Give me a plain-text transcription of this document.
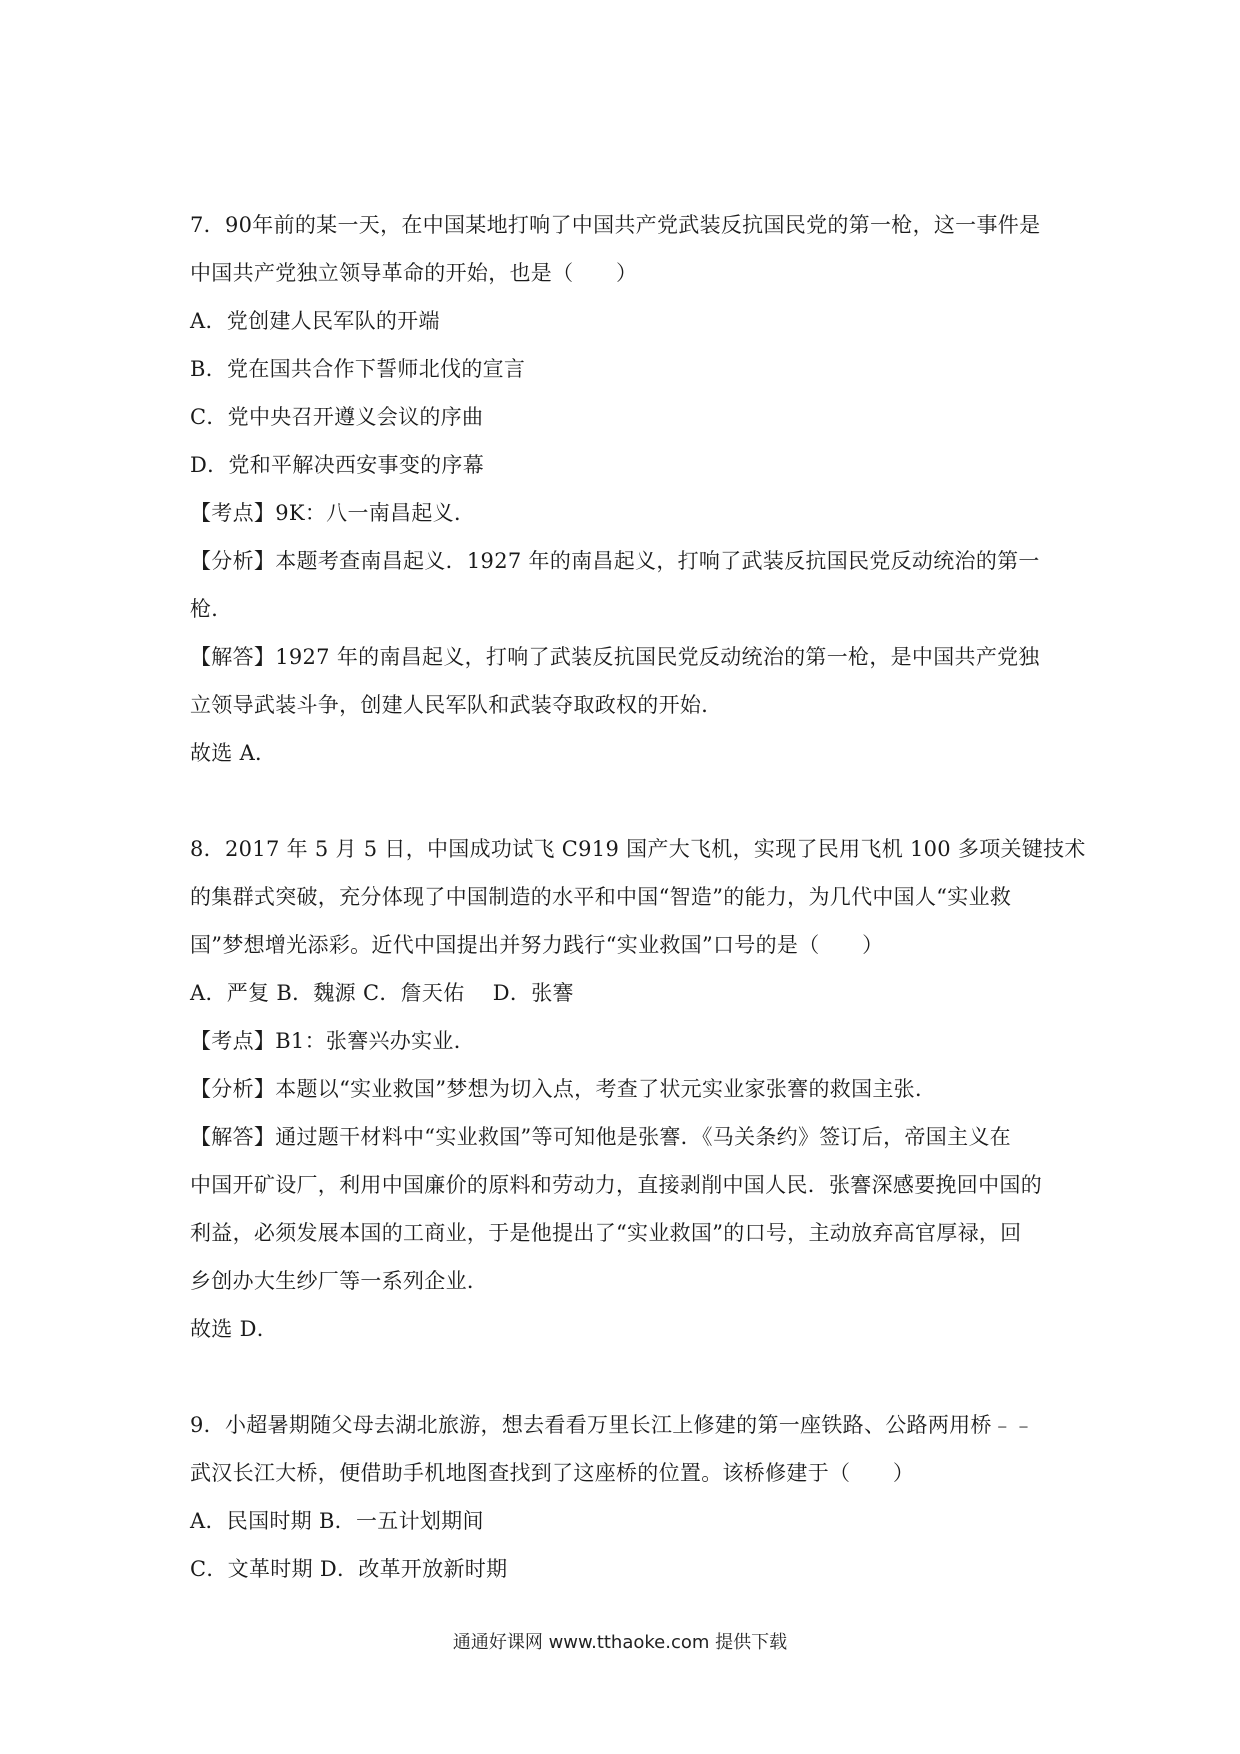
7．90年前的某一天，在中国某地打响了中国共产党武装反抗国民党的第一枪，这一事件是
中国共产党独立领导革命的开始，也是（　　）
A．党创建人民军队的开端
B．党在国共合作下誓师北伐的宣言
C．党中央召开遵义会议的序曲
D．党和平解决西安事变的序幕
【考点】9K：八一南昌起义．
【分析】本题考查南昌起义．1927 年的南昌起义，打响了武装反抗国民党反动统治的第一
枪．
【解答】1927 年的南昌起义，打响了武装反抗国民党反动统治的第一枪，是中国共产党独
立领导武装斗争，创建人民军队和武装夺取政权的开始．
故选 A．
8．2017 年 5 月 5 日，中国成功试飞 C919 国产大飞机，实现了民用飞机 100 多项关键技术
的集群式突破，充分体现了中国制造的水平和中国“智造”的能力，为几代中国人“实业救
国”梦想增光添彩。近代中国提出并努力践行“实业救国”口号的是（　　）
A．严复 B．魏源 C．詹天佑　 D．张謇
【考点】B1：张謇兴办实业．
【分析】本题以“实业救国”梦想为切入点，考查了状元实业家张謇的救国主张．
【解答】通过题干材料中“实业救国”等可知他是张謇．《马关条约》签订后，帝国主义在
中国开矿设厂，利用中国廉价的原料和劳动力，直接剥削中国人民．张謇深感要挽回中国的
利益，必须发展本国的工商业，于是他提出了“实业救国”的口号，主动放弃高官厚禄，回
乡创办大生纱厂等一系列企业．
故选 D．
9．小超暑期随父母去湖北旅游，想去看看万里长江上修建的第一座铁路、公路两用桥﹣﹣
武汉长江大桥，便借助手机地图查找到了这座桥的位置。该桥修建于（　　）
A．民国时期 B．一五计划期间
C．文革时期 D．改革开放新时期
通通好课网 www.tthaoke.com 提供下载
